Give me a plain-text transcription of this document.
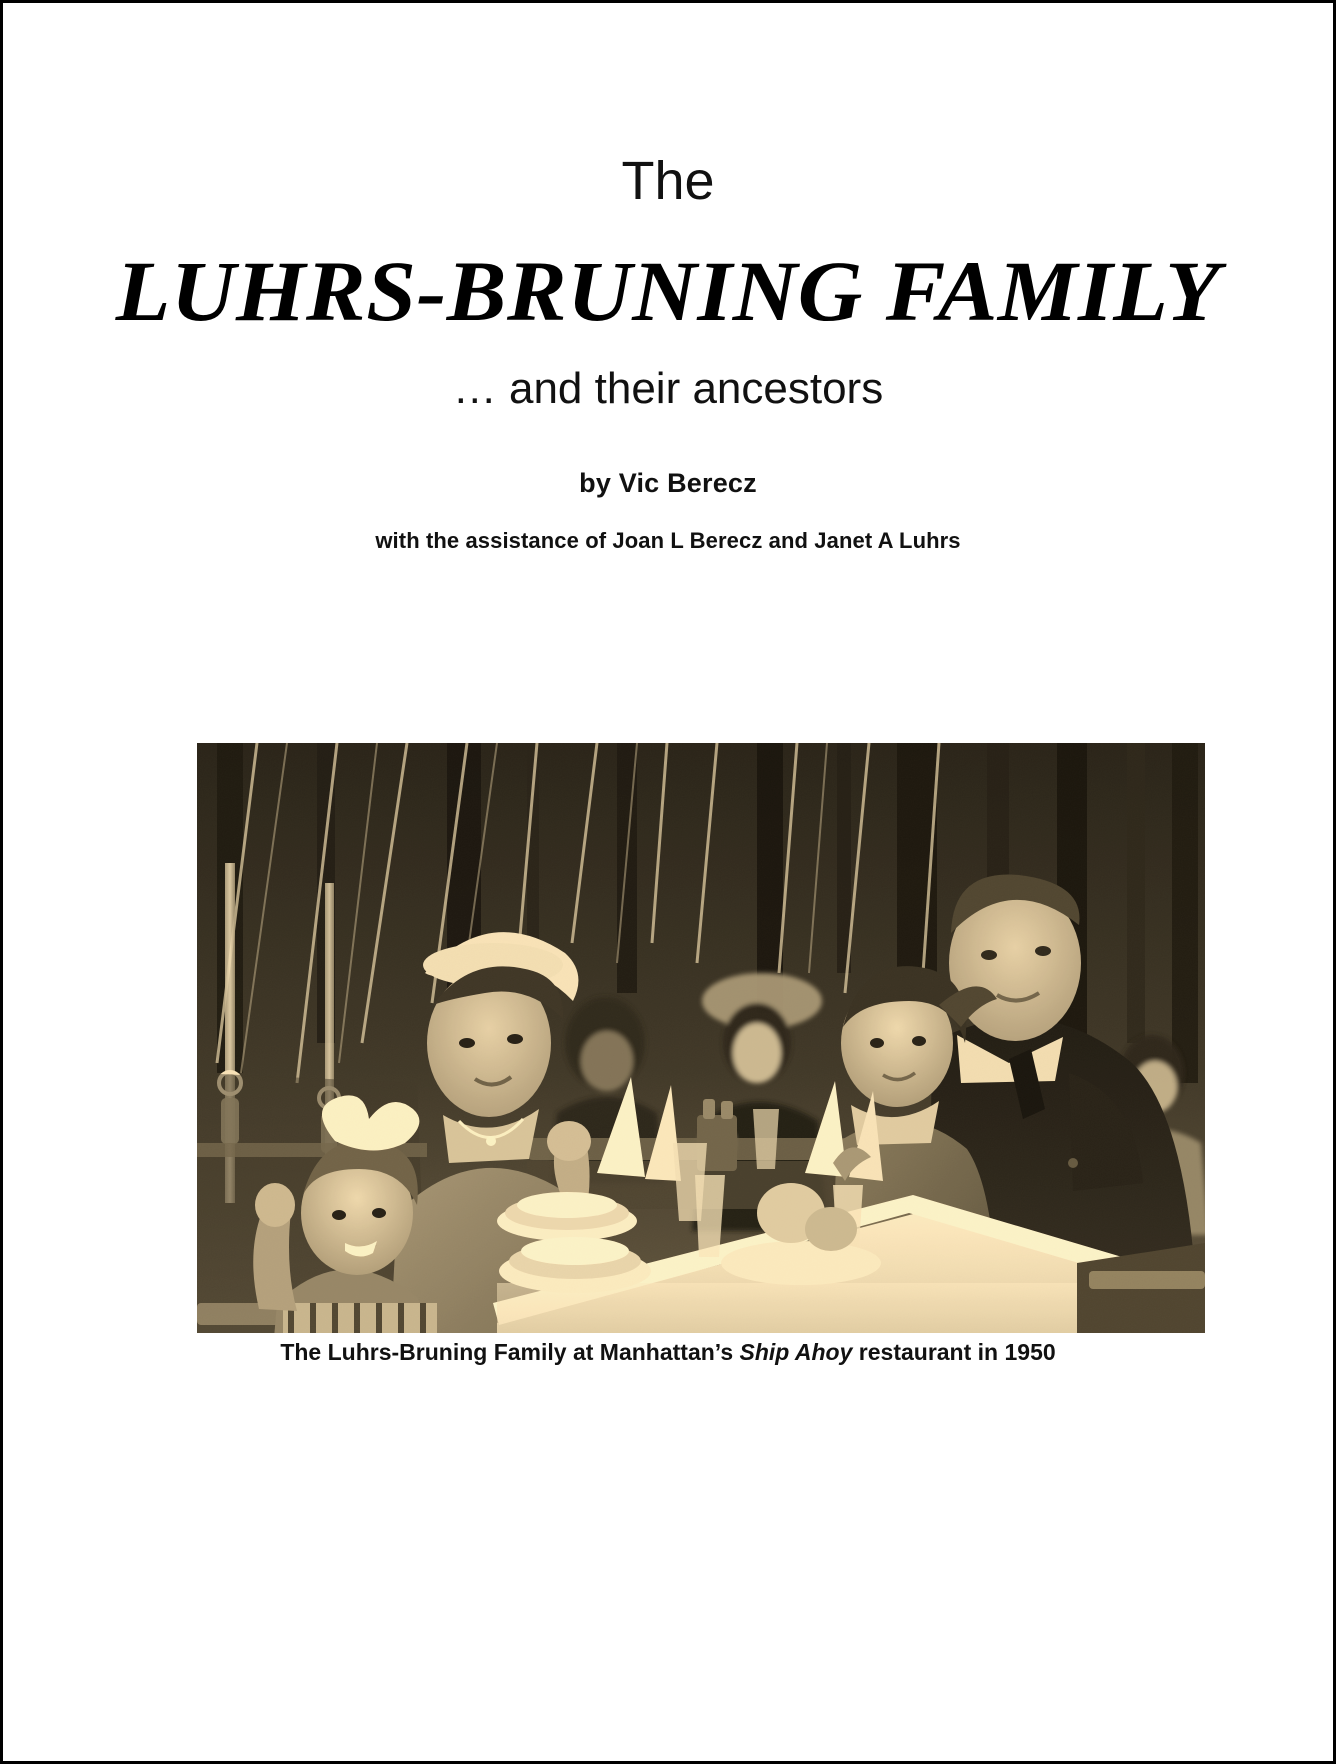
The
LUHRS-BRUNING FAMILY
… and their ancestors
by Vic Berecz
with the assistance of Joan L Berecz and Janet A Luhrs
The Luhrs-Bruning Family at Manhattan’s Ship Ahoy restaurant in 1950
